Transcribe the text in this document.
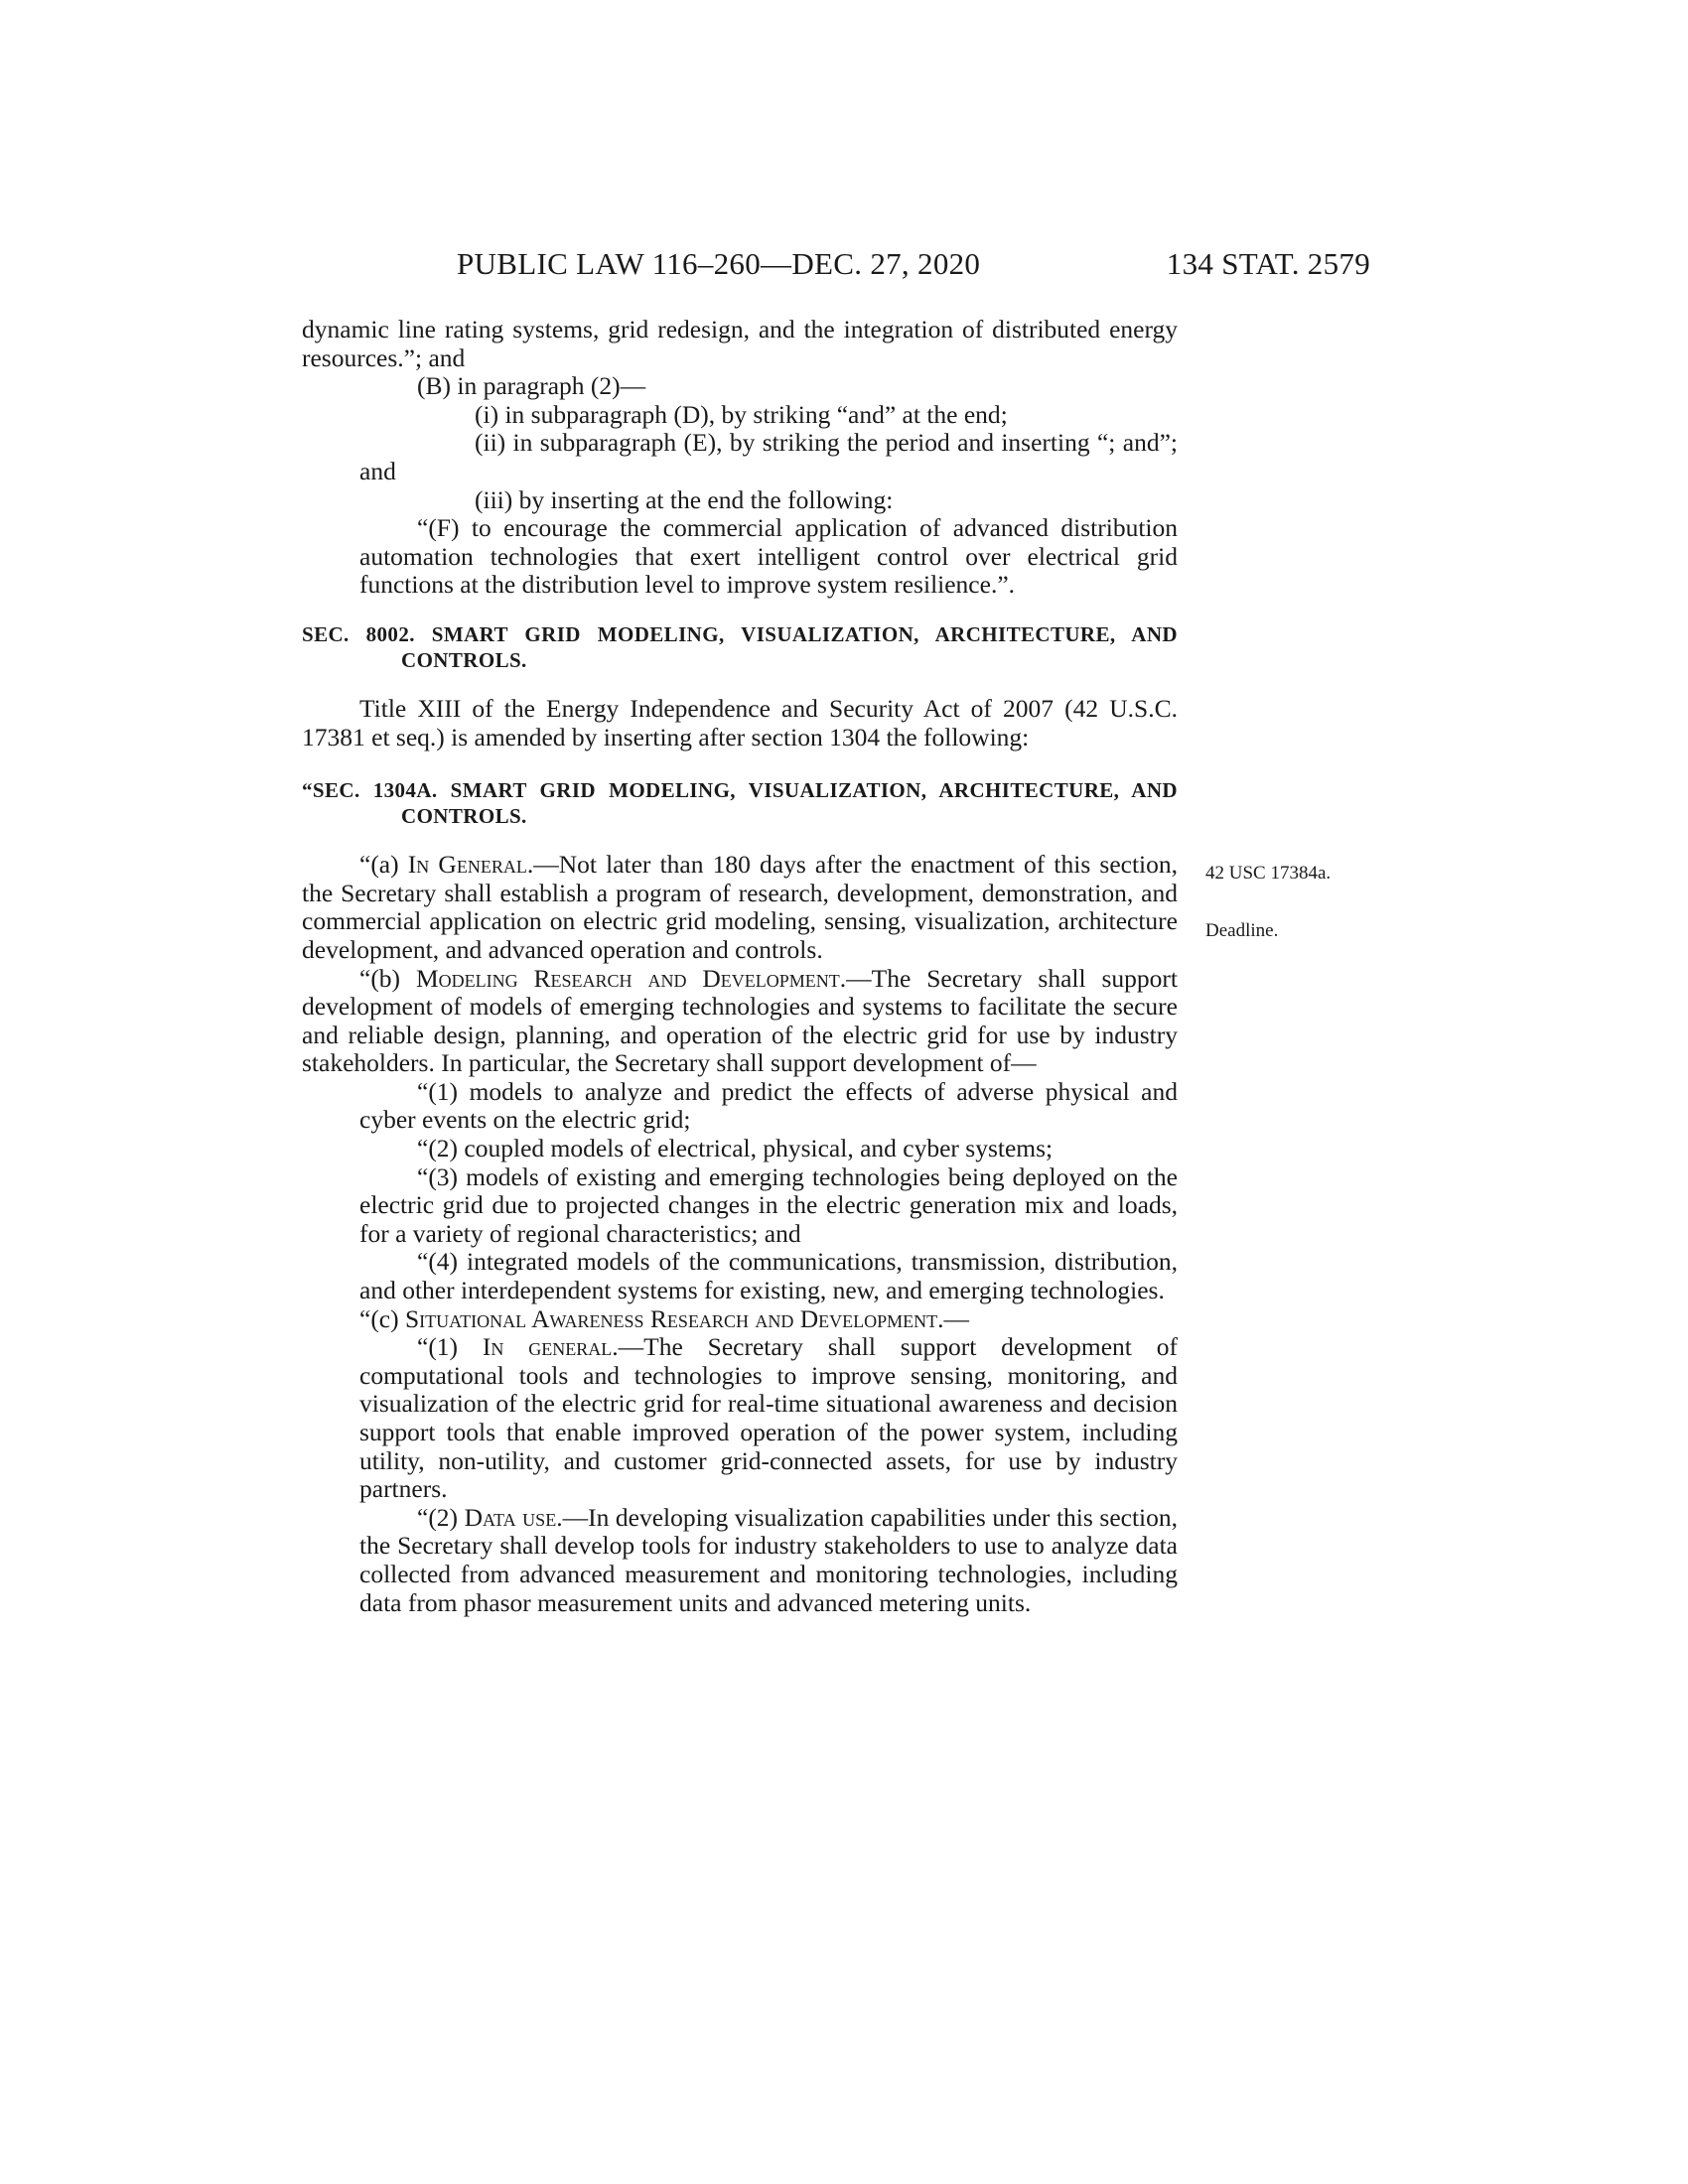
PUBLIC LAW 116–260—DEC. 27, 2020	134 STAT. 2579

dynamic line rating systems, grid redesign, and the integration of distributed energy resources.”; and

(B) in paragraph (2)—

(i) in subparagraph (D), by striking “and” at the end;

(ii) in subparagraph (E), by striking the period and inserting “; and”; and

(iii) by inserting at the end the following:

“(F) to encourage the commercial application of advanced distribution automation technologies that exert intelligent control over electrical grid functions at the distribution level to improve system resilience.”.

SEC. 8002. SMART GRID MODELING, VISUALIZATION, ARCHITECTURE, AND CONTROLS.

Title XIII of the Energy Independence and Security Act of 2007 (42 U.S.C. 17381 et seq.) is amended by inserting after section 1304 the following:

“SEC. 1304A. SMART GRID MODELING, VISUALIZATION, ARCHITECTURE, AND CONTROLS.

“(a) In General.—Not later than 180 days after the enactment of this section, the Secretary shall establish a program of research, development, demonstration, and commercial application on electric grid modeling, sensing, visualization, architecture development, and advanced operation and controls.

“(b) Modeling Research and Development.—The Secretary shall support development of models of emerging technologies and systems to facilitate the secure and reliable design, planning, and operation of the electric grid for use by industry stakeholders. In particular, the Secretary shall support development of—

“(1) models to analyze and predict the effects of adverse physical and cyber events on the electric grid;

“(2) coupled models of electrical, physical, and cyber systems;

“(3) models of existing and emerging technologies being deployed on the electric grid due to projected changes in the electric generation mix and loads, for a variety of regional characteristics; and

“(4) integrated models of the communications, transmission, distribution, and other interdependent systems for existing, new, and emerging technologies.

“(c) Situational Awareness Research and Development.—

“(1) In general.—The Secretary shall support development of computational tools and technologies to improve sensing, monitoring, and visualization of the electric grid for real-time situational awareness and decision support tools that enable improved operation of the power system, including utility, non-utility, and customer grid-connected assets, for use by industry partners.

“(2) Data use.—In developing visualization capabilities under this section, the Secretary shall develop tools for industry stakeholders to use to analyze data collected from advanced measurement and monitoring technologies, including data from phasor measurement units and advanced metering units.

42 USC 17384a.
Deadline.
